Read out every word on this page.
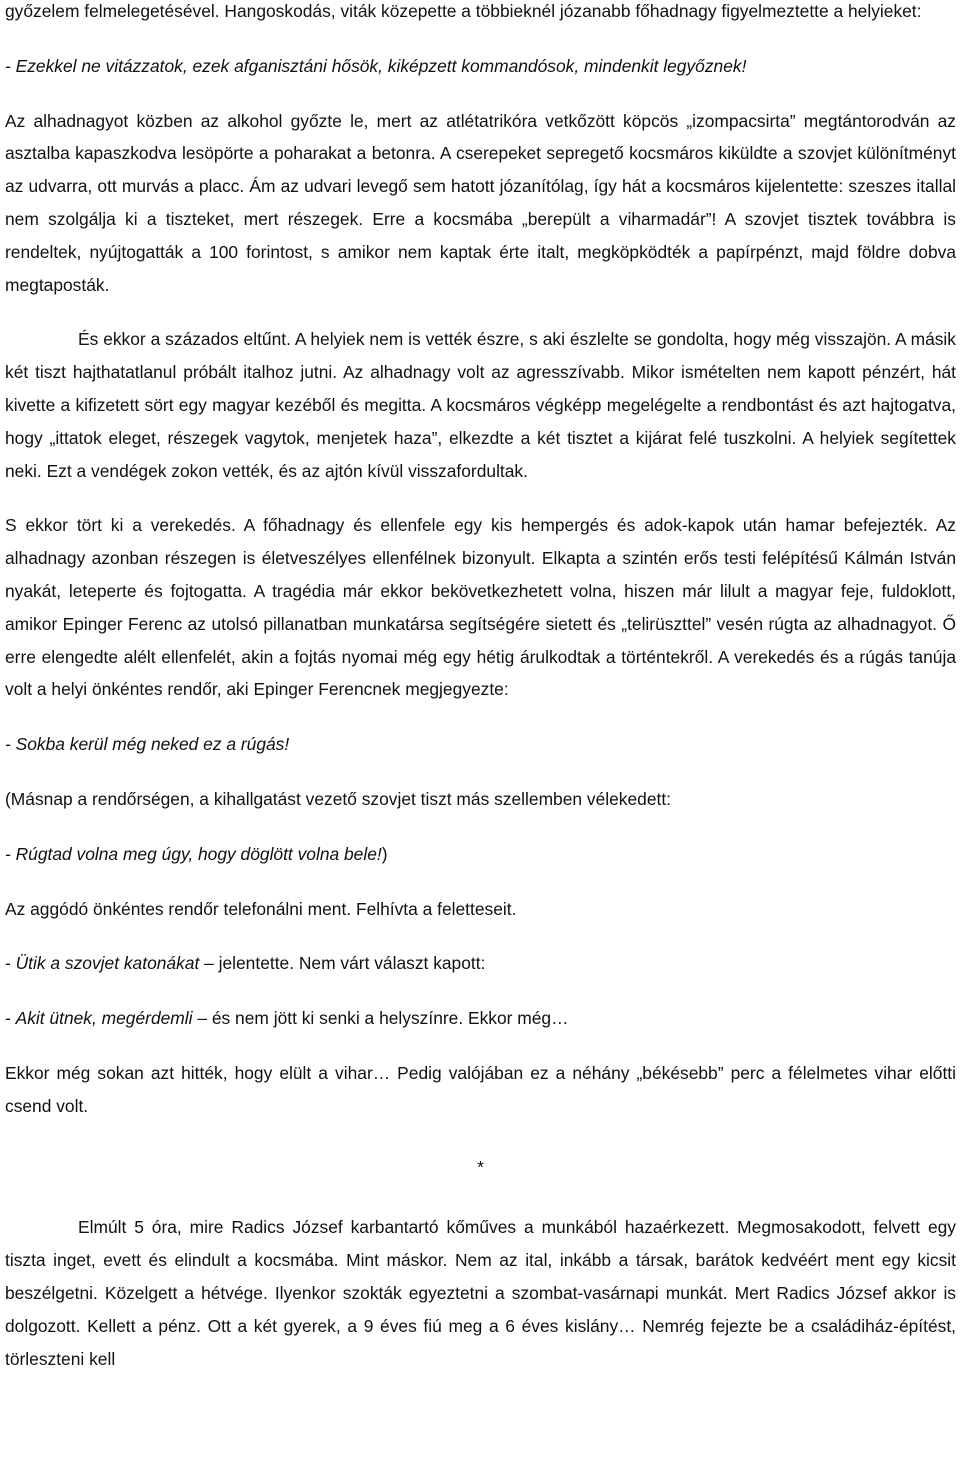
győzelem felmelegetésével. Hangoskodás, viták közepette a többieknél józanabb főhadnagy figyelmeztette a helyieket:

- Ezekkel ne vitázzatok, ezek afganisztáni hősök, kiképzett kommandósok, mindenkit legyőznek!

Az alhadnagyot közben az alkohol győzte le, mert az atlétatrikóra vetkőzött köpcös „izompacsirta” megtántorodván az asztalba kapaszkodva lesöpörte a poharakat a betonra. A cserepeket sepregető kocsmáros kiküldte a szovjet különítményt az udvarra, ott murvás a placc. Ám az udvari levegő sem hatott józanítólag, így hát a kocsmáros kijelentette: szeszes itallal nem szolgálja ki a tiszteket, mert részegek. Erre a kocsmába „berepült a viharmadár”! A szovjet tisztek továbbra is rendeltek, nyújtogatták a 100 forintost, s amikor nem kaptak érte italt, megköpködték a papírpénzt, majd földre dobva megtaposták.

És ekkor a százados eltűnt. A helyiek nem is vették észre, s aki észlelte se gondolta, hogy még visszajön. A másik két tiszt hajthatatlanul próbált italhoz jutni. Az alhadnagy volt az agresszívabb. Mikor ismételten nem kapott pénzért, hát kivette a kifizetett sört egy magyar kezéből és megitta. A kocsmáros végképp megelégelte a rendbontást és azt hajtogatva, hogy „ittatok eleget, részegek vagytok, menjetek haza”, elkezdte a két tisztet a kijárat felé tuszkolni. A helyiek segítettek neki. Ezt a vendégek zokon vették, és az ajtón kívül visszafordultak.

S ekkor tört ki a verekedés. A főhadnagy és ellenfele egy kis hempergés és adok-kapok után hamar befejezték. Az alhadnagy azonban részegen is életveszélyes ellenfélnek bizonyult. Elkapta a szintén erős testi felépítésű Kálmán István nyakát, leteperte és fojtogatta. A tragédia már ekkor bekövetkezhetett volna, hiszen már lilult a magyar feje, fuldoklott, amikor Epinger Ferenc az utolsó pillanatban munkatársa segítségére sietett és „telirüszttel” vesén rúgta az alhadnagyot. Ő erre elengedte alélt ellenfelét, akin a fojtás nyomai még egy hétig árulkodtak a történtekről. A verekedés és a rúgás tanúja volt a helyi önkéntes rendőr, aki Epinger Ferencnek megjegyezte:

- Sokba kerül még neked ez a rúgás!

(Másnap a rendőrségen, a kihallgatást vezető szovjet tiszt más szellemben vélekedett:

- Rúgtad volna meg úgy, hogy döglött volna bele!)

Az aggódó önkéntes rendőr telefonálni ment. Felhívta a feletteseit.

- Ütik a szovjet katonákat – jelentette. Nem várt választ kapott:

- Akit ütnek, megérdemli – és nem jött ki senki a helyszínre. Ekkor még…

Ekkor még sokan azt hitték, hogy elült a vihar… Pedig valójában ez a néhány „békésebb” perc a félelmetes vihar előtti csend volt.

*

Elmúlt 5 óra, mire Radics József karbantartó kőműves a munkából hazaérkezett. Megmosakodott, felvett egy tiszta inget, evett és elindult a kocsmába. Mint máskor. Nem az ital, inkább a társak, barátok kedvéért ment egy kicsit beszélgetni. Közelgett a hétvége. Ilyenkor szokták egyeztetni a szombat-vasárnapi munkát. Mert Radics József akkor is dolgozott. Kellett a pénz. Ott a két gyerek, a 9 éves fiú meg a 6 éves kislány… Nemrég fejezte be a családiház-építést, törleszteni kell
